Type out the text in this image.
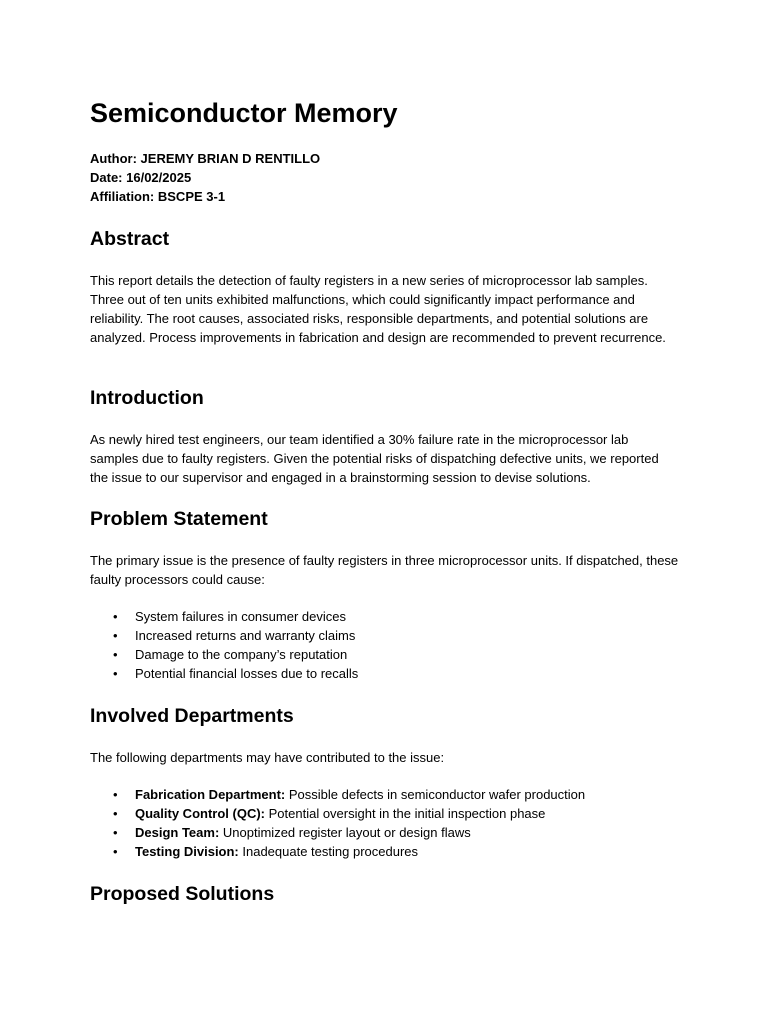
Semiconductor Memory
Author: JEREMY BRIAN D RENTILLO
Date: 16/02/2025
Affiliation: BSCPE 3-1
Abstract

This report details the detection of faulty registers in a new series of microprocessor lab samples. Three out of ten units exhibited malfunctions, which could significantly impact performance and reliability. The root causes, associated risks, responsible departments, and potential solutions are analyzed. Process improvements in fabrication and design are recommended to prevent recurrence.

Introduction

As newly hired test engineers, our team identified a 30% failure rate in the microprocessor lab samples due to faulty registers. Given the potential risks of dispatching defective units, we reported the issue to our supervisor and engaged in a brainstorming session to devise solutions.

Problem Statement

The primary issue is the presence of faulty registers in three microprocessor units. If dispatched, these faulty processors could cause:

• System failures in consumer devices
• Increased returns and warranty claims
• Damage to the company’s reputation
• Potential financial losses due to recalls
Involved Departments

The following departments may have contributed to the issue:

• Fabrication Department: Possible defects in semiconductor wafer production
• Quality Control (QC): Potential oversight in the initial inspection phase
• Design Team: Unoptimized register layout or design flaws
• Testing Division: Inadequate testing procedures
Proposed Solutions
